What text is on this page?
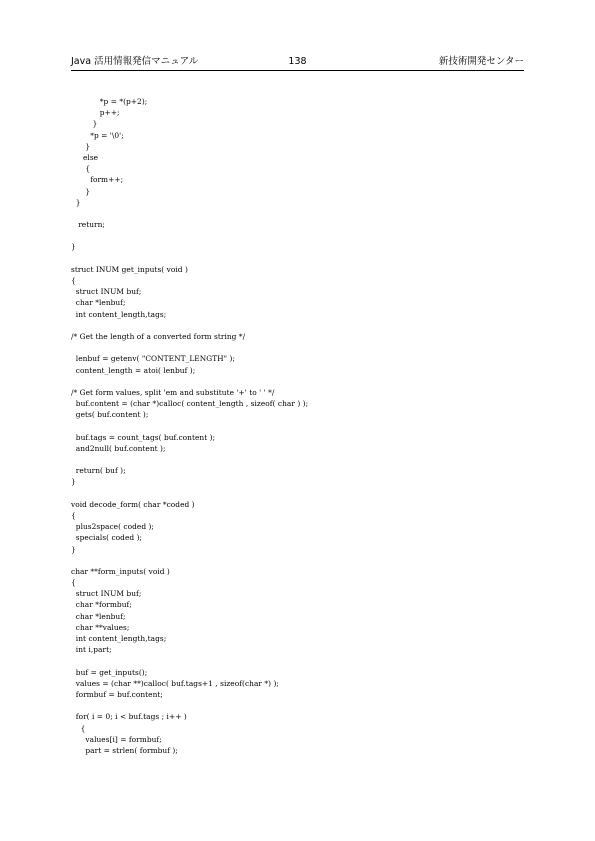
Java 活用情報発信マニュアル	138	新技術開発センター
*p = *(p+2);
p++;
}
*p = '\0';
}
else
{
form++;
}
}
return;
}
struct INUM get_inputs( void )
{
struct INUM buf;
char *lenbuf;
int content_length,tags;
/* Get the length of a converted form string */
lenbuf = getenv( "CONTENT_LENGTH" );
content_length = atoi( lenbuf );
/* Get form values, split 'em and substitute '+' to ' ' */
buf.content = (char *)calloc( content_length , sizeof( char ) );
gets( buf.content );
buf.tags = count_tags( buf.content );
and2null( buf.content );
return( buf );
}
void decode_form( char *coded )
{
plus2space( coded );
specials( coded );
}
char **form_inputs( void )
{
struct INUM buf;
char *formbuf;
char *lenbuf;
char **values;
int content_length,tags;
int i,part;
buf = get_inputs();
values = (char **)calloc( buf.tags+1 , sizeof(char *) );
formbuf = buf.content;
for( i = 0; i < buf.tags ; i++ )
{
values[i] = formbuf;
part = strlen( formbuf );
